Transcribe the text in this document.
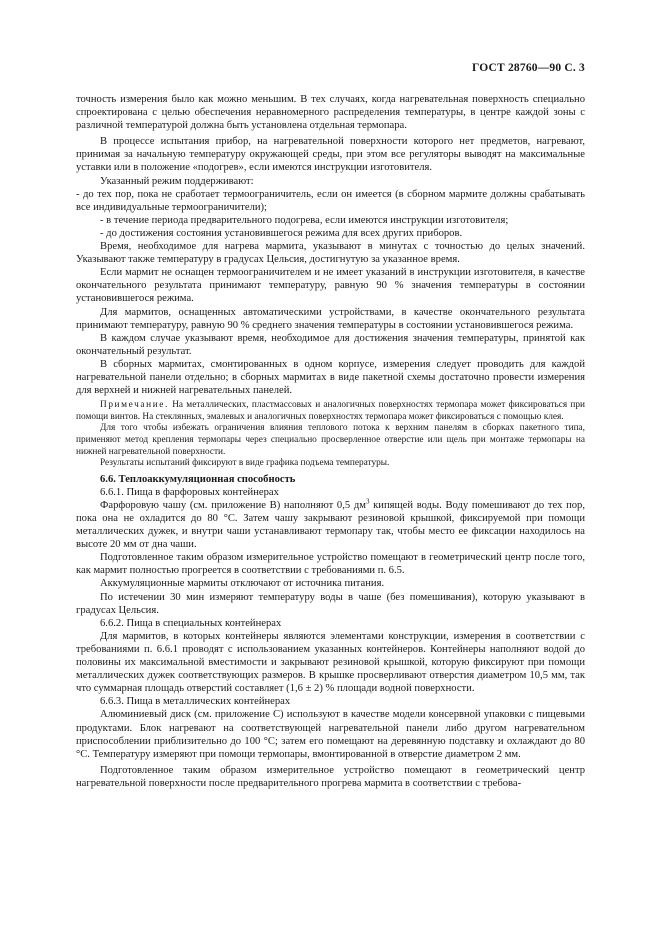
ГОСТ 28760—90 С. 3

точность измерения было как можно меньшим. В тех случаях, когда нагревательная поверхность специально спроектирована с целью обеспечения неравномерного распределения температуры, в центре каждой зоны с различной температурой должна быть установлена отдельная термопара.

В процессе испытания прибор, на нагревательной поверхности которого нет предметов, нагревают, принимая за начальную температуру окружающей среды, при этом все регуляторы выводят на максимальные уставки или в положение «подогрев», если имеются инструкции изготовителя.

Указанный режим поддерживают:

- до тех пор, пока не сработает термоограничитель, если он имеется (в сборном мармите должны срабатывать все индивидуальные термоограничители);

- в течение периода предварительного подогрева, если имеются инструкции изготовителя;

- до достижения состояния установившегося режима для всех других приборов.

Время, необходимое для нагрева мармита, указывают в минутах с точностью до целых значений. Указывают также температуру в градусах Цельсия, достигнутую за указанное время.

Если мармит не оснащен термоограничителем и не имеет указаний в инструкции изготовителя, в качестве окончательного результата принимают температуру, равную 90 % значения температуры в состоянии установившегося режима.

Для мармитов, оснащенных автоматическими устройствами, в качестве окончательного результата принимают температуру, равную 90 % среднего значения температуры в состоянии установившегося режима.

В каждом случае указывают время, необходимое для достижения значения температуры, принятой как окончательный результат.

В сборных мармитах, смонтированных в одном корпусе, измерения следует проводить для каждой нагревательной панели отдельно; в сборных мармитах в виде пакетной схемы достаточно провести измерения для верхней и нижней нагревательных панелей.

Примечание. На металлических, пластмассовых и аналогичных поверхностях термопара может фиксироваться при помощи винтов. На стеклянных, эмалевых и аналогичных поверхностях термопара может фиксироваться с помощью клея.

Для того чтобы избежать ограничения влияния теплового потока к верхним панелям в сборках пакетного типа, применяют метод крепления термопары через специально просверленное отверстие или щель при монтаже термопары на нижней нагревательной поверхности.

Результаты испытаний фиксируют в виде графика подъема температуры.

6.6. Теплоаккумуляционная способность

6.6.1. Пища в фарфоровых контейнерах

Фарфоровую чашу (см. приложение В) наполняют 0,5 $дм^3$ кипящей воды. Воду помешивают до тех пор, пока она не охладится до 80 °С. Затем чашу закрывают резиновой крышкой, фиксируемой при помощи металлических дужек, и внутри чаши устанавливают термопару так, чтобы место ее фиксации находилось на высоте 20 мм от дна чаши.

Подготовленное таким образом измерительное устройство помещают в геометрический центр после того, как мармит полностью прогреется в соответствии с требованиями п. 6.5.

Аккумуляционные мармиты отключают от источника питания.

По истечении 30 мин измеряют температуру воды в чаше (без помешивания), которую указывают в градусах Цельсия.

6.6.2. Пища в специальных контейнерах

Для мармитов, в которых контейнеры являются элементами конструкции, измерения в соответствии с требованиями п. 6.6.1 проводят с использованием указанных контейнеров. Контейнеры наполняют водой до половины их максимальной вместимости и закрывают резиновой крышкой, которую фиксируют при помощи металлических дужек соответствующих размеров. В крышке просверливают отверстия диаметром 10,5 мм, так что суммарная площадь отверстий составляет (1,6 ± 2) % площади водной поверхности.

6.6.3. Пища в металлических контейнерах

Алюминиевый диск (см. приложение С) используют в качестве модели консервной упаковки с пищевыми продуктами. Блок нагревают на соответствующей нагревательной панели либо другом нагревательном приспособлении приблизительно до 100 °С; затем его помещают на деревянную подставку и охлаждают до 80 °С. Температуру измеряют при помощи термопары, вмонтированной в отверстие диаметром 2 мм.

Подготовленное таким образом измерительное устройство помещают в геометрический центр нагревательной поверхности после предварительного прогрева мармита в соответствии с требова-
